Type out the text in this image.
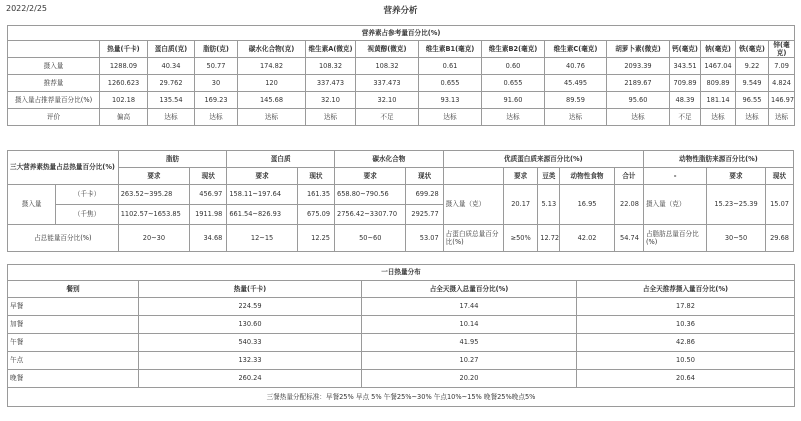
2022/2/25	营养分析
营养素占参考量百分比(%)														
	热量(千卡)	蛋白质(克)	脂肪(克)	碳水化合物(克)	维生素A(微克)	视黄醇(微克)	维生素B1(毫克)	维生素B2(毫克)	维生素C(毫克)	胡萝卜素(微克)	钙(毫克)	钠(毫克)	铁(毫克)	锌(毫克)
摄入量	1288.09	40.34	50.77	174.82	108.32	108.32	0.61	0.60	40.76	2093.39	343.51	1467.04	9.22	7.09
推荐量	1260.623	29.762	30	120	337.473	337.473	0.655	0.655	45.495	2189.67	709.89	809.89	9.549	4.824
摄入量占推荐量百分比(%)	102.18	135.54	169.23	145.68	32.10	32.10	93.13	91.60	89.59	95.60	48.39	181.14	96.55	146.97
评价	偏高	达标	达标	达标	达标	不足	达标	达标	达标	达标	不足	达标	达标	达标
三大营养素热量占总热量百分比(%)		脂肪		蛋白质		碳水化合物		优质蛋白质来源百分比(%)					动物性脂肪来源百分比(%)		
		要求	现状	要求	现状	要求	现状		要求	豆类	动物性食物	合计	-	要求	现状
摄入量	（千卡）	263.52~395.28	456.97	158.11~197.64	161.35	658.80~790.56	699.28	摄入量（克）	20.17	5.13	16.95	22.08	摄入量（克）	15.23~25.39	15.07
	（千焦）	1102.57~1653.85	1911.98	661.54~826.93	675.09	2756.42~3307.70	2925.77								
占总能量百分比(%)		20~30	34.68	12~15	12.25	50~60	53.07	占蛋白质总量百分比(%)	≥50%	12.72	42.02	54.74	占脂肪总量百分比(%)	30~50	29.68
一日热量分布			
餐别	热量(千卡)	占全天摄入总量百分比(%)	占全天推荐摄入量百分比(%)
早餐	224.59	17.44	17.82
加餐	130.60	10.14	10.36
午餐	540.33	41.95	42.86
午点	132.33	10.27	10.50
晚餐	260.24	20.20	20.64
三餐热量分配标准：早餐25% 早点 5% 午餐25%~30% 午点10%~15% 晚餐25%晚点5%			
